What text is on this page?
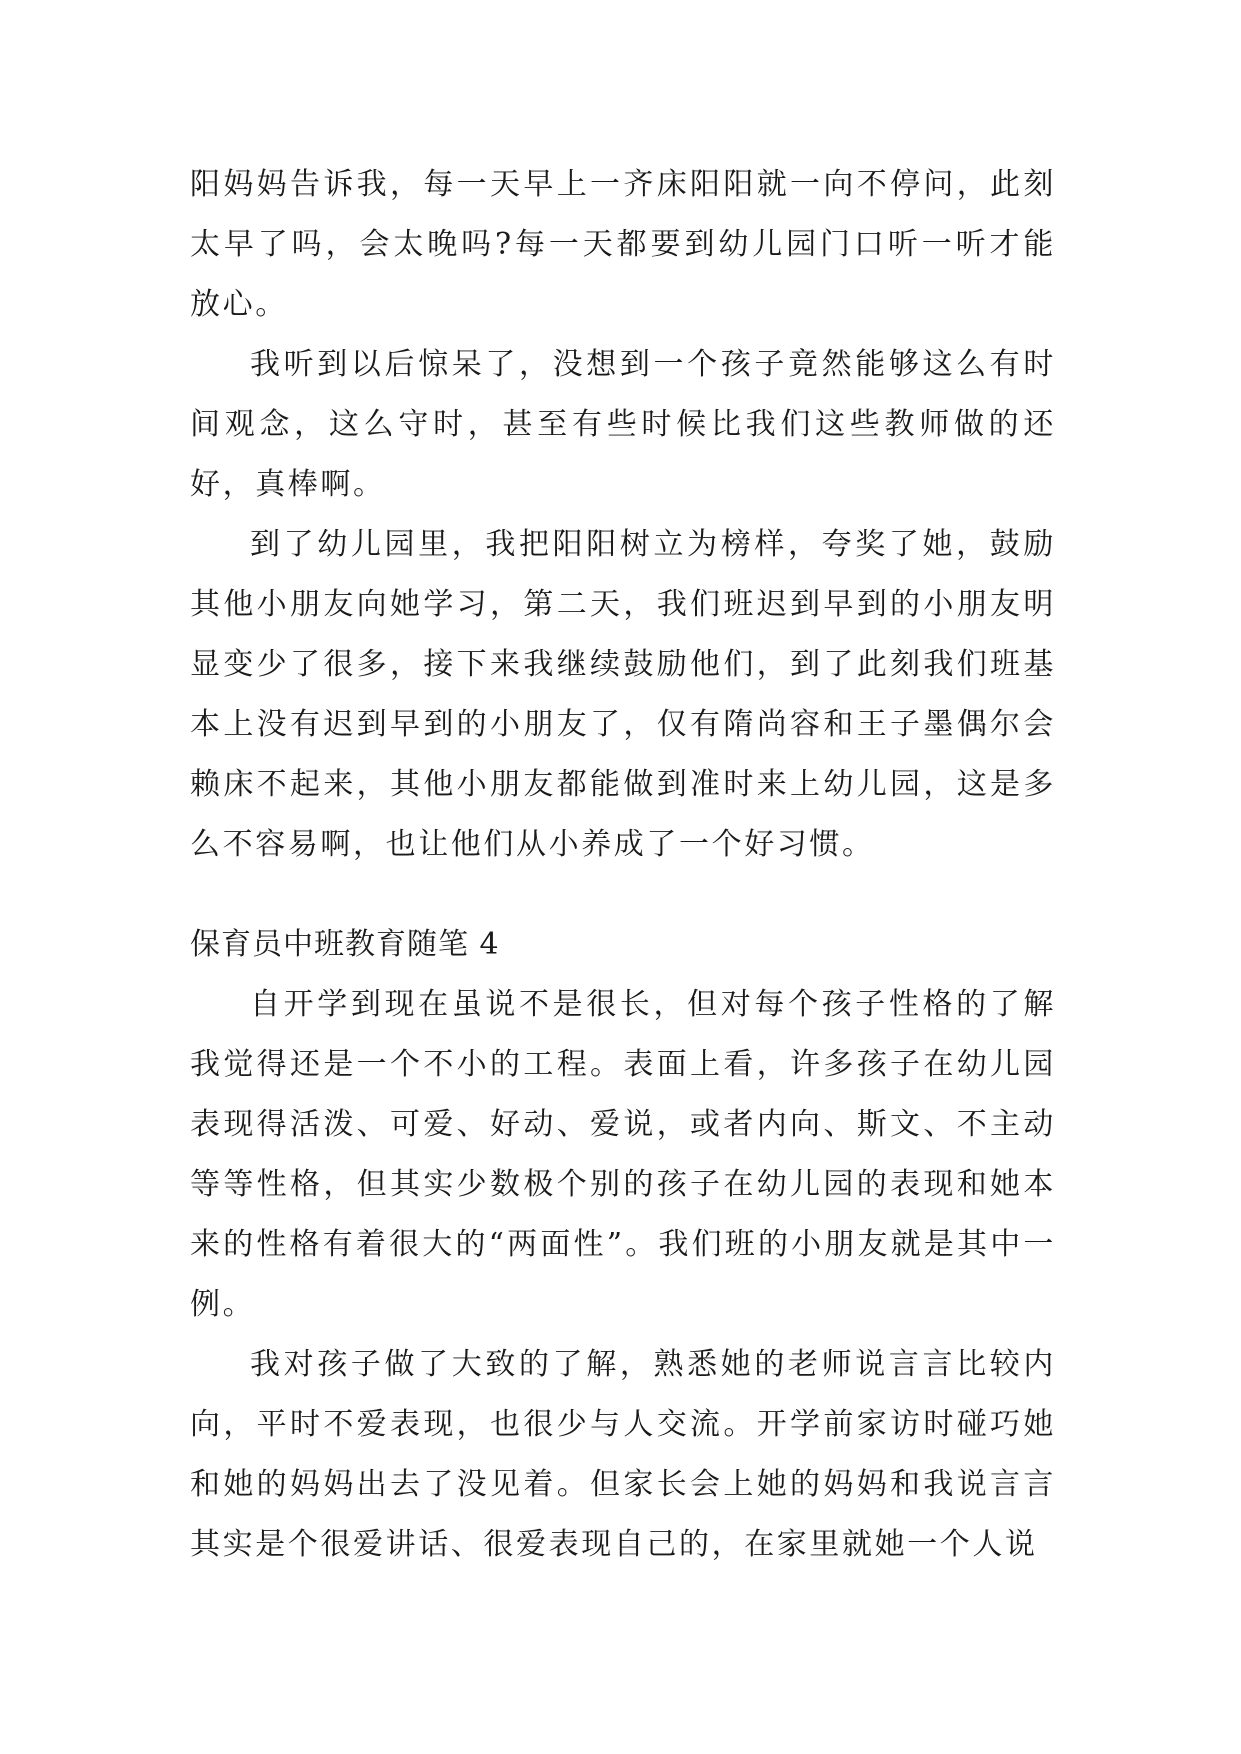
阳妈妈告诉我，每一天早上一齐床阳阳就一向不停问，此刻太早了吗，会太晚吗?每一天都要到幼儿园门口听一听才能放心。

我听到以后惊呆了，没想到一个孩子竟然能够这么有时间观念，这么守时，甚至有些时候比我们这些教师做的还好，真棒啊。

到了幼儿园里，我把阳阳树立为榜样，夸奖了她，鼓励其他小朋友向她学习，第二天，我们班迟到早到的小朋友明显变少了很多，接下来我继续鼓励他们，到了此刻我们班基本上没有迟到早到的小朋友了，仅有隋尚容和王子墨偶尔会赖床不起来，其他小朋友都能做到准时来上幼儿园，这是多么不容易啊，也让他们从小养成了一个好习惯。

保育员中班教育随笔 4

自开学到现在虽说不是很长，但对每个孩子性格的了解我觉得还是一个不小的工程。表面上看，许多孩子在幼儿园表现得活泼、可爱、好动、爱说，或者内向、斯文、不主动等等性格，但其实少数极个别的孩子在幼儿园的表现和她本来的性格有着很大的“两面性”。我们班的小朋友就是其中一例。

我对孩子做了大致的了解，熟悉她的老师说言言比较内向，平时不爱表现，也很少与人交流。开学前家访时碰巧她和她的妈妈出去了没见着。但家长会上她的妈妈和我说言言其实是个很爱讲话、很爱表现自己的，在家里就她一个人说
